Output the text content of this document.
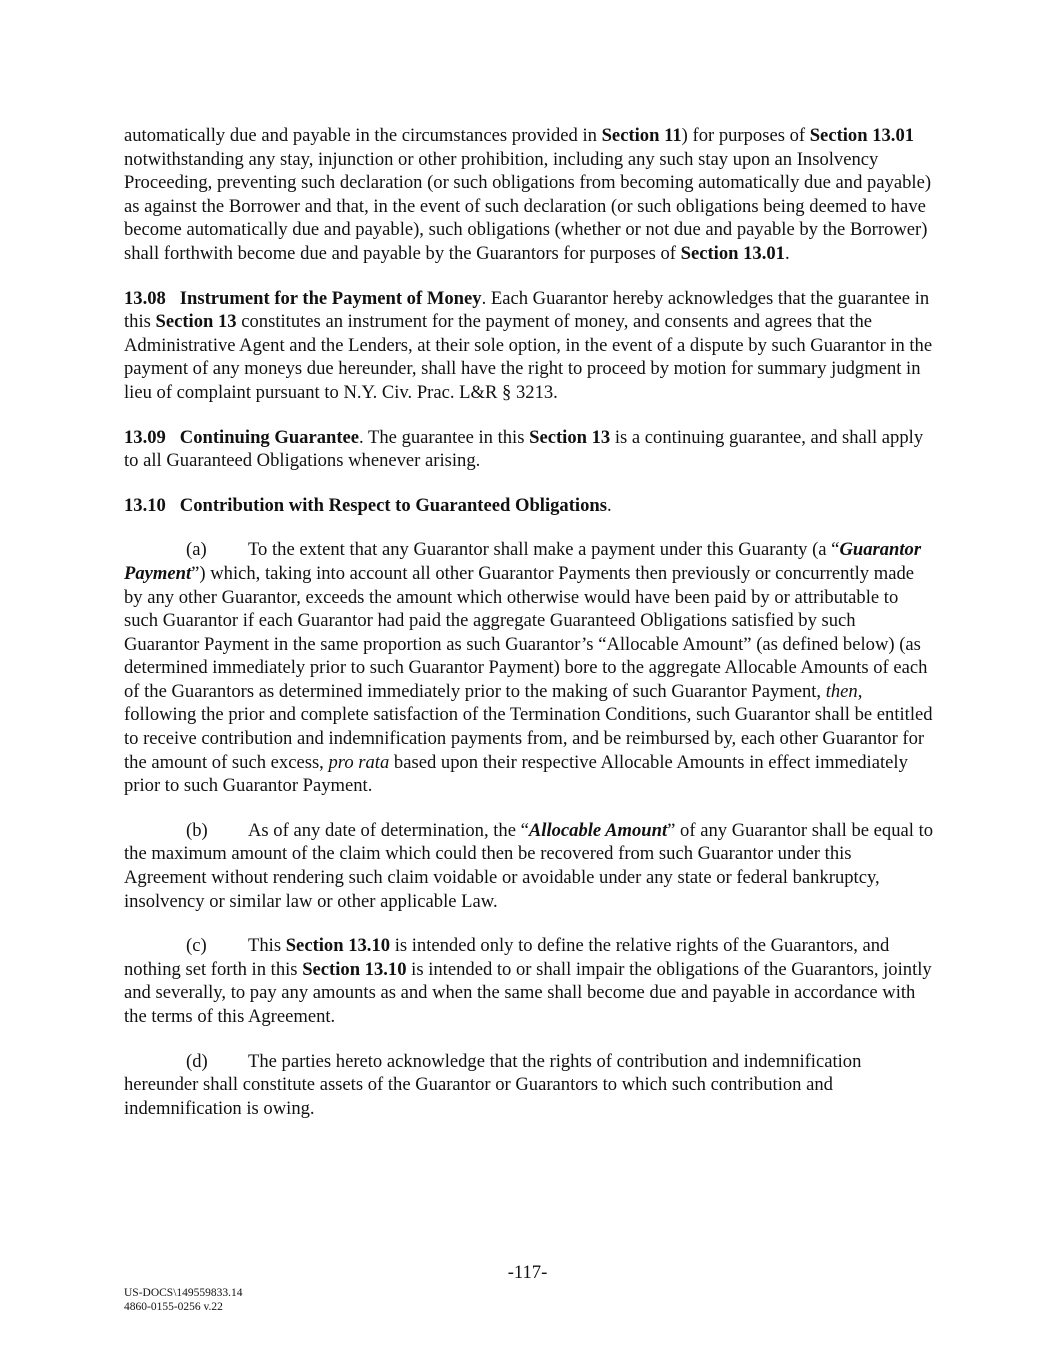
automatically due and payable in the circumstances provided in Section 11) for purposes of Section 13.01 notwithstanding any stay, injunction or other prohibition, including any such stay upon an Insolvency Proceeding, preventing such declaration (or such obligations from becoming automatically due and payable) as against the Borrower and that, in the event of such declaration (or such obligations being deemed to have become automatically due and payable), such obligations (whether or not due and payable by the Borrower) shall forthwith become due and payable by the Guarantors for purposes of Section 13.01.

13.08 Instrument for the Payment of Money. Each Guarantor hereby acknowledges that the guarantee in this Section 13 constitutes an instrument for the payment of money, and consents and agrees that the Administrative Agent and the Lenders, at their sole option, in the event of a dispute by such Guarantor in the payment of any moneys due hereunder, shall have the right to proceed by motion for summary judgment in lieu of complaint pursuant to N.Y. Civ. Prac. L&R § 3213.

13.09 Continuing Guarantee. The guarantee in this Section 13 is a continuing guarantee, and shall apply to all Guaranteed Obligations whenever arising.

13.10 Contribution with Respect to Guaranteed Obligations.

(a) To the extent that any Guarantor shall make a payment under this Guaranty (a “Guarantor Payment”) which, taking into account all other Guarantor Payments then previously or concurrently made by any other Guarantor, exceeds the amount which otherwise would have been paid by or attributable to such Guarantor if each Guarantor had paid the aggregate Guaranteed Obligations satisfied by such Guarantor Payment in the same proportion as such Guarantor’s “Allocable Amount” (as defined below) (as determined immediately prior to such Guarantor Payment) bore to the aggregate Allocable Amounts of each of the Guarantors as determined immediately prior to the making of such Guarantor Payment, then, following the prior and complete satisfaction of the Termination Conditions, such Guarantor shall be entitled to receive contribution and indemnification payments from, and be reimbursed by, each other Guarantor for the amount of such excess, pro rata based upon their respective Allocable Amounts in effect immediately prior to such Guarantor Payment.

(b) As of any date of determination, the “Allocable Amount” of any Guarantor shall be equal to the maximum amount of the claim which could then be recovered from such Guarantor under this Agreement without rendering such claim voidable or avoidable under any state or federal bankruptcy, insolvency or similar law or other applicable Law.

(c) This Section 13.10 is intended only to define the relative rights of the Guarantors, and nothing set forth in this Section 13.10 is intended to or shall impair the obligations of the Guarantors, jointly and severally, to pay any amounts as and when the same shall become due and payable in accordance with the terms of this Agreement.

(d) The parties hereto acknowledge that the rights of contribution and indemnification hereunder shall constitute assets of the Guarantor or Guarantors to which such contribution and indemnification is owing.

-117-
US-DOCS\149559833.14
4860-0155-0256 v.22
